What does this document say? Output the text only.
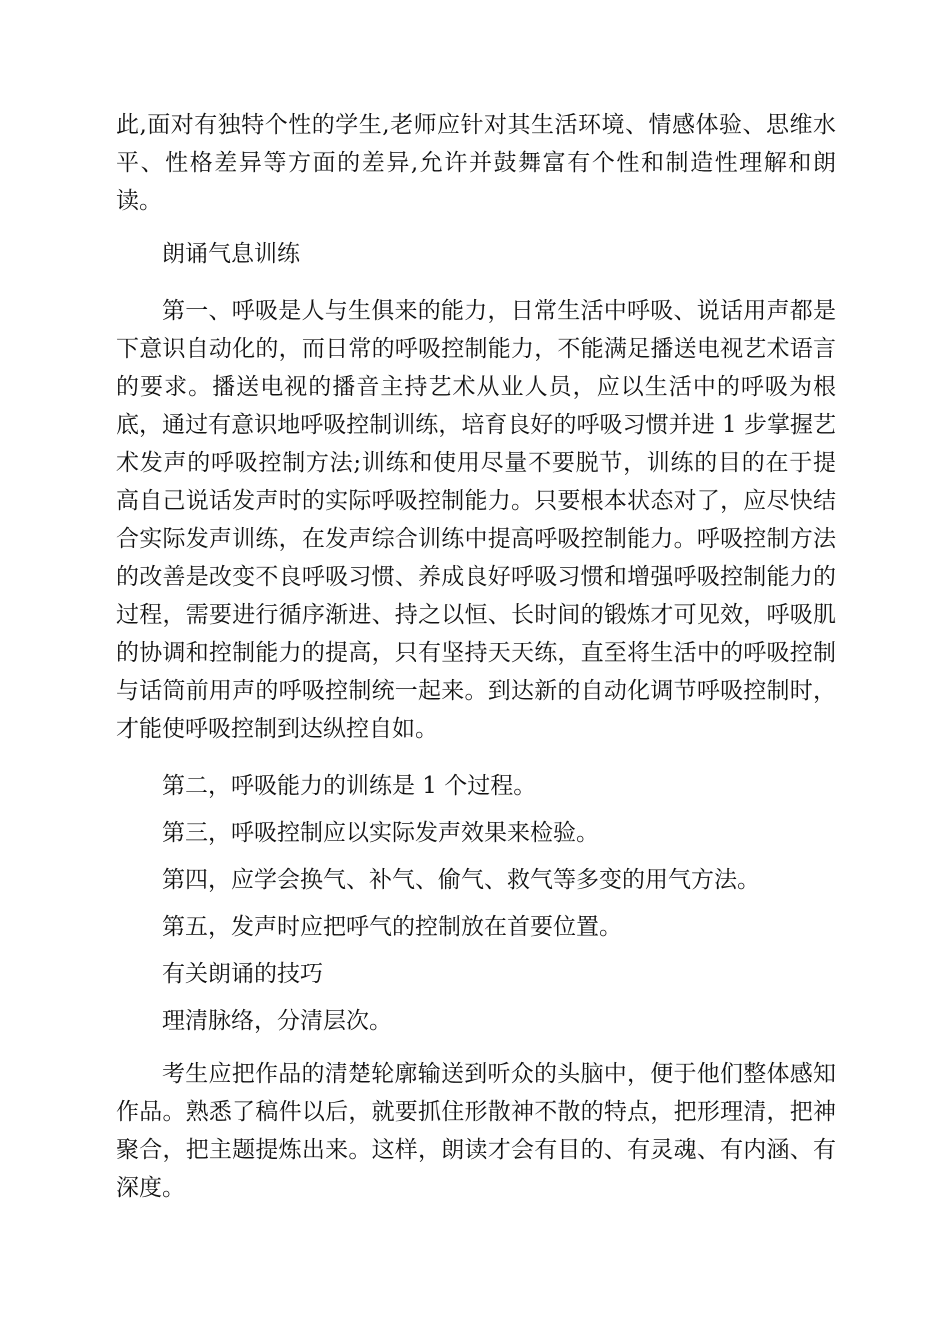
此,面对有独特个性的学生,老师应针对其生活环境、情感体验、思维水平、性格差异等方面的差异,允许并鼓舞富有个性和制造性理解和朗读。

朗诵气息训练

第一、呼吸是人与生俱来的能力，日常生活中呼吸、说话用声都是下意识自动化的，而日常的呼吸控制能力，不能满足播送电视艺术语言的要求。播送电视的播音主持艺术从业人员，应以生活中的呼吸为根底，通过有意识地呼吸控制训练，培育良好的呼吸习惯并进 1 步掌握艺术发声的呼吸控制方法;训练和使用尽量不要脱节，训练的目的在于提高自己说话发声时的实际呼吸控制能力。只要根本状态对了，应尽快结合实际发声训练，在发声综合训练中提高呼吸控制能力。呼吸控制方法的改善是改变不良呼吸习惯、养成良好呼吸习惯和增强呼吸控制能力的过程，需要进行循序渐进、持之以恒、长时间的锻炼才可见效，呼吸肌的协调和控制能力的提高，只有坚持天天练，直至将生活中的呼吸控制与话筒前用声的呼吸控制统一起来。到达新的自动化调节呼吸控制时，才能使呼吸控制到达纵控自如。

第二，呼吸能力的训练是 1 个过程。

第三，呼吸控制应以实际发声效果来检验。

第四，应学会换气、补气、偷气、救气等多变的用气方法。

第五，发声时应把呼气的控制放在首要位置。

有关朗诵的技巧

理清脉络，分清层次。

考生应把作品的清楚轮廓输送到听众的头脑中，便于他们整体感知作品。熟悉了稿件以后，就要抓住形散神不散的特点，把形理清，把神聚合，把主题提炼出来。这样，朗读才会有目的、有灵魂、有内涵、有深度。
